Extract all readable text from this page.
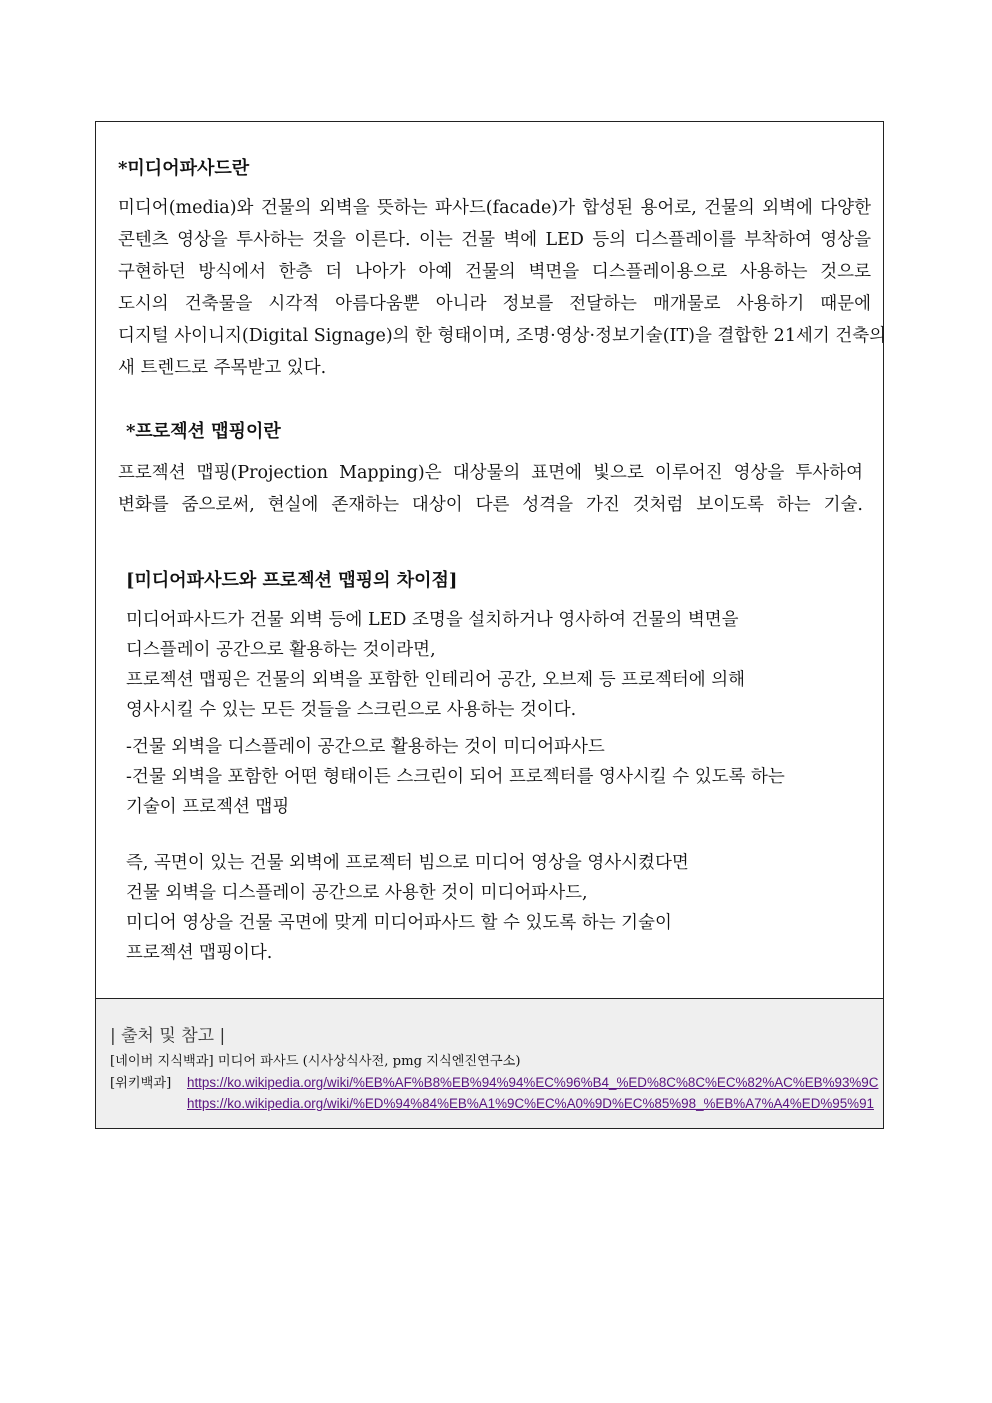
*미디어파사드란

미디어(media)와 건물의 외벽을 뜻하는 파사드(facade)가 합성된 용어로, 건물의 외벽에 다양한

콘텐츠 영상을 투사하는 것을 이른다. 이는 건물 벽에 LED 등의 디스플레이를 부착하여 영상을

구현하던 방식에서 한층 더 나아가 아예 건물의 벽면을 디스플레이용으로 사용하는 것으로

도시의 건축물을 시각적 아름다움뿐 아니라 정보를 전달하는 매개물로 사용하기 때문에

디지털 사이니지(Digital Signage)의 한 형태이며, 조명·영상·정보기술(IT)을 결합한 21세기 건축의

새 트렌드로 주목받고 있다.

*프로젝션 맵핑이란

프로젝션 맵핑(Projection Mapping)은 대상물의 표면에 빛으로 이루어진 영상을 투사하여

변화를 줌으로써, 현실에 존재하는 대상이 다른 성격을 가진 것처럼 보이도록 하는 기술.

[미디어파사드와 프로젝션 맵핑의 차이점]

미디어파사드가 건물 외벽 등에 LED 조명을 설치하거나 영사하여 건물의 벽면을

디스플레이 공간으로 활용하는 것이라면,

프로젝션 맵핑은 건물의 외벽을 포함한 인테리어 공간, 오브제 등 프로젝터에 의해

영사시킬 수 있는 모든 것들을 스크린으로 사용하는 것이다.

-건물 외벽을 디스플레이 공간으로 활용하는 것이 미디어파사드

-건물 외벽을 포함한 어떤 형태이든 스크린이 되어 프로젝터를 영사시킬 수 있도록 하는

기술이 프로젝션 맵핑

즉, 곡면이 있는 건물 외벽에 프로젝터 빔으로 미디어 영상을 영사시켰다면

건물 외벽을 디스플레이 공간으로 사용한 것이 미디어파사드,

미디어 영상을 건물 곡면에 맞게 미디어파사드 할 수 있도록 하는 기술이

프로젝션 맵핑이다.

| 출처 및 참고 |
[네이버 지식백과] 미디어 파사드 (시사상식사전, pmg 지식엔진연구소)
[위키백과] https://ko.wikipedia.org/wiki/%EB%AF%B8%EB%94%94%EC%96%B4_%ED%8C%8C%EC%82%AC%EB%93%9C
https://ko.wikipedia.org/wiki/%ED%94%84%EB%A1%9C%EC%A0%9D%EC%85%98_%EB%A7%A4%ED%95%91
